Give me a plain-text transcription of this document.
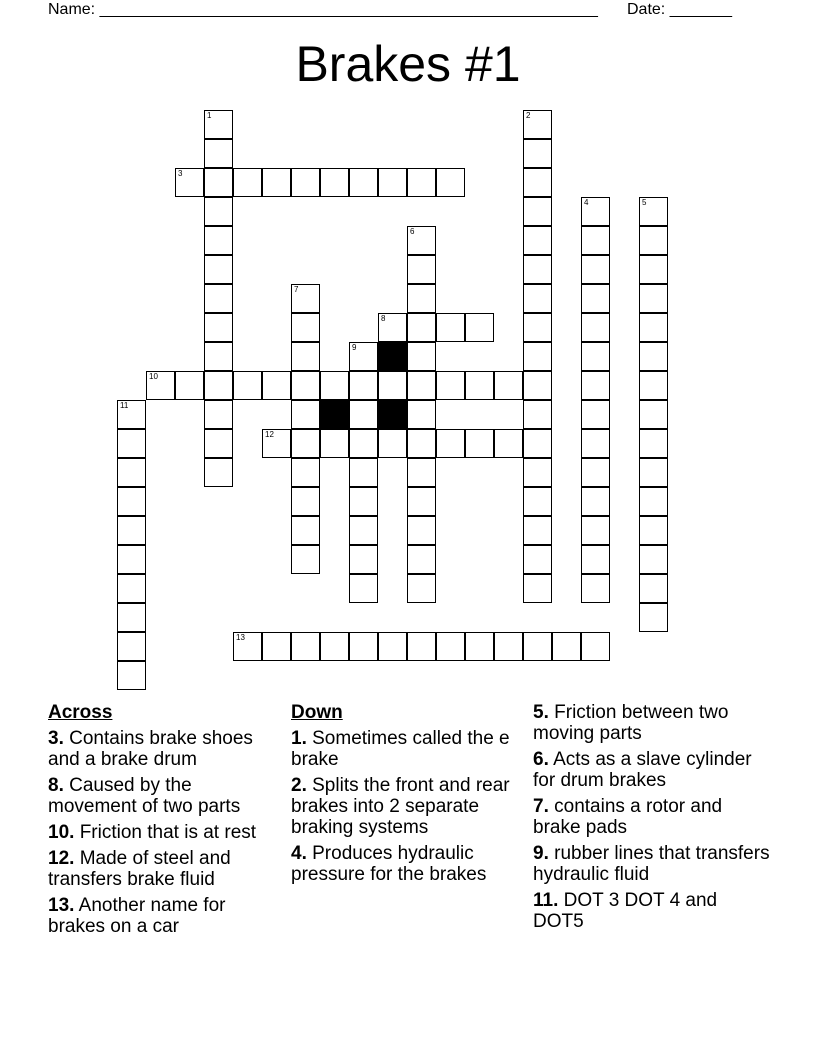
Name: ________________________________________________________ Date: _______
Brakes #1
1	2
3
4	5
6
7
8
9
10
11
12
13
Across
3. Contains brake shoes and a brake drum
8. Caused by the movement of two parts
10. Friction that is at rest
12. Made of steel and transfers brake fluid
13. Another name for brakes on a car
Down
1. Sometimes called the e brake
2. Splits the front and rear brakes into 2 separate braking systems
4. Produces hydraulic pressure for the brakes
5. Friction between two moving parts
6. Acts as a slave cylinder for drum brakes
7. contains a rotor and brake pads
9. rubber lines that transfers hydraulic fluid
11. DOT 3 DOT 4 and DOT5
